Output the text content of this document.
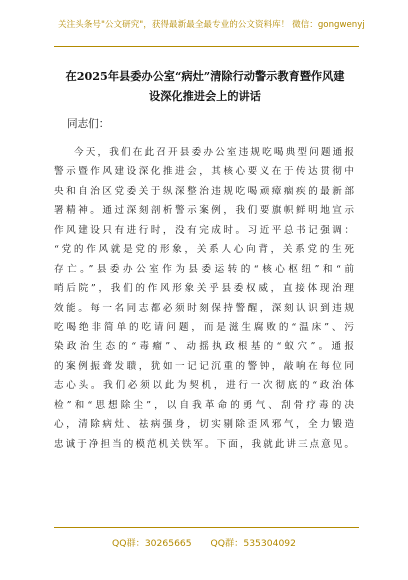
关注头条号"公文研究"，获得最新最全最专业的公文资料库！ 微信：gongwenyj
在2025年县委办公室“病灶”清除行动警示教育暨作风建
设深化推进会上的讲话
同志们：
今天，我们在此召开县委办公室违规吃喝典型问题通报
警示暨作风建设深化推进会，其核心要义在于传达贯彻中
央和自治区党委关于纵深整治违规吃喝顽瘴痼疾的最新部
署精神。通过深刻剖析警示案例，我们要旗帜鲜明地宣示
作风建设只有进行时，没有完成时。习近平总书记强调：
“党的作风就是党的形象，关系人心向背，关系党的生死
存亡。”县委办公室作为县委运转的“核心枢纽”和“前
哨后院”，我们的作风形象关乎县委权威，直接体现治理
效能。每一名同志都必须时刻保持警醒，深刻认识到违规
吃喝绝非简单的吃请问题，而是滋生腐败的“温床”、污
染政治生态的“毒瘤”、动摇执政根基的“蚁穴”。通报
的案例振聋发聩，犹如一记记沉重的警钟，敲响在每位同
志心头。我们必须以此为契机，进行一次彻底的“政治体
检”和“思想除尘”，以自我革命的勇气、刮骨疗毒的决
心，清除病灶、祛病强身，切实剔除歪风邪气，全力锻造
忠诚于净担当的模范机关铁军。下面，我就此讲三点意见。
QQ群：30265665 QQ群：535304092
